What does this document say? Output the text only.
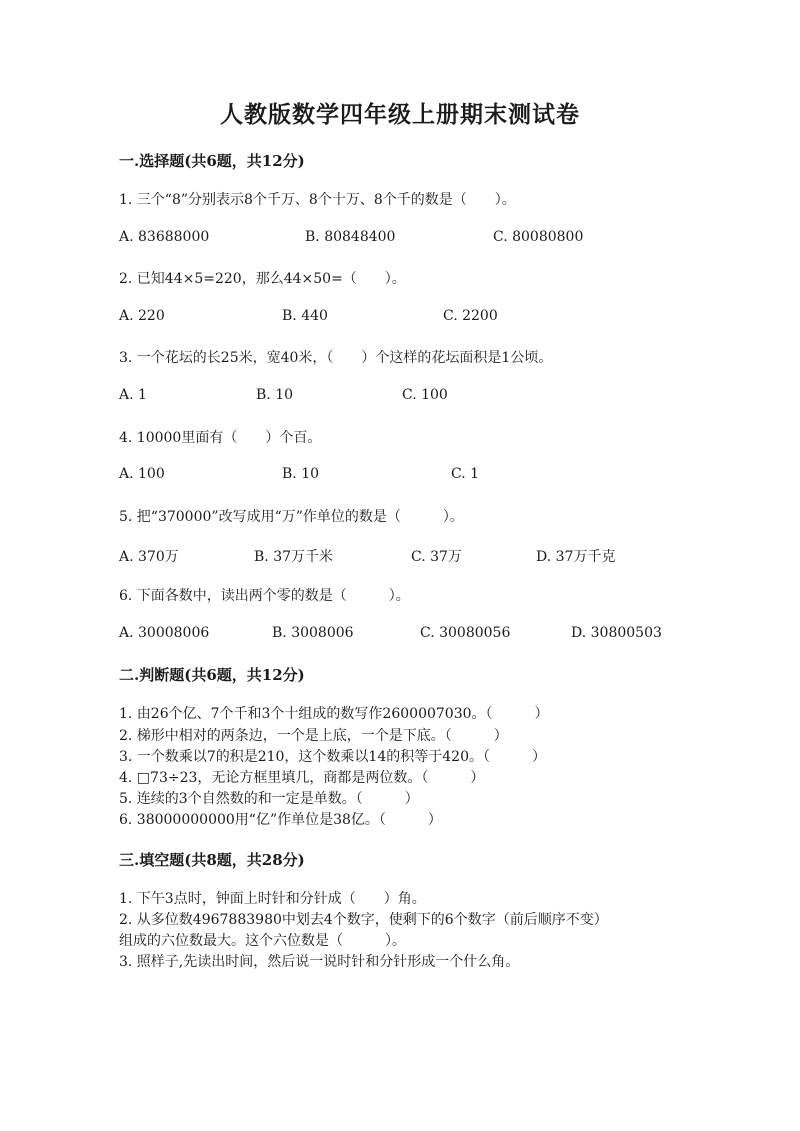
人教版数学四年级上册期末测试卷
一.选择题(共6题，共12分)
1. 三个“8”分别表示8个千万、8个十万、8个千的数是（　　）。
A. 83688000	B. 80848400	C. 80080800
2. 已知44×5=220，那么44×50=（　　）。
A. 220	B. 440	C. 2200
3. 一个花坛的长25米，宽40米，（　　）个这样的花坛面积是1公顷。
A. 1	B. 10	C. 100
4. 10000里面有（　　）个百。
A. 100	B. 10	C. 1
5. 把“370000”改写成用“万”作单位的数是（　　　）。
A. 370万	B. 37万千米	C. 37万	D. 37万千克
6. 下面各数中，读出两个零的数是（　　　）。
A. 30008006	B. 3008006	C. 30080056	D. 30800503
二.判断题(共6题，共12分)
1. 由26个亿、7个千和3个十组成的数写作2600007030。（　　　）
2. 梯形中相对的两条边，一个是上底，一个是下底。（　　　）
3. 一个数乘以7的积是210，这个数乘以14的积等于420。（　　　）
4. □73÷23，无论方框里填几，商都是两位数。（　　　）
5. 连续的3个自然数的和一定是单数。（　　　）
6. 38000000000用“亿”作单位是38亿。（　　　）
三.填空题(共8题，共28分)
1. 下午3点时，钟面上时针和分针成（　　）角。
2. 从多位数4967883980中划去4个数字，使剩下的6个数字（前后顺序不变）
组成的六位数最大。这个六位数是（　　　）。
3. 照样子,先读出时间，然后说一说时针和分针形成一个什么角。
